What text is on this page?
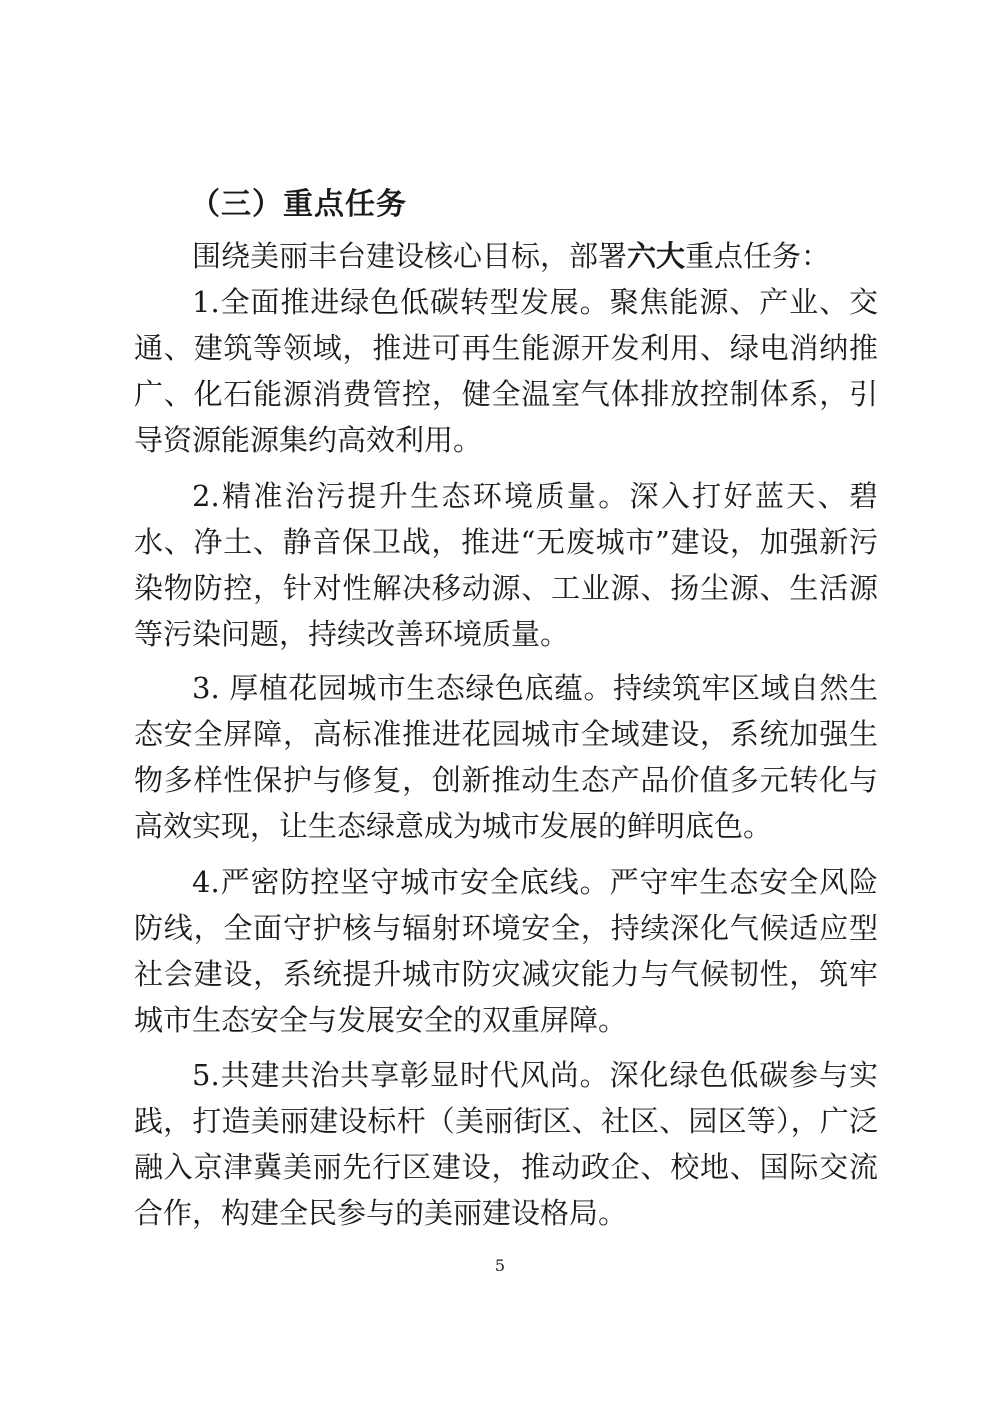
（三）重点任务

围绕美丽丰台建设核心目标，部署六大重点任务：

1.全面推进绿色低碳转型发展。聚焦能源、产业、交通、建筑等领域，推进可再生能源开发利用、绿电消纳推广、化石能源消费管控，健全温室气体排放控制体系，引导资源能源集约高效利用。

2.精准治污提升生态环境质量。深入打好蓝天、碧水、净土、静音保卫战，推进“无废城市”建设，加强新污染物防控，针对性解决移动源、工业源、扬尘源、生活源等污染问题，持续改善环境质量。

3. 厚植花园城市生态绿色底蕴。持续筑牢区域自然生态安全屏障，高标准推进花园城市全域建设，系统加强生物多样性保护与修复，创新推动生态产品价值多元转化与高效实现，让生态绿意成为城市发展的鲜明底色。

4.严密防控坚守城市安全底线。严守牢生态安全风险防线，全面守护核与辐射环境安全，持续深化气候适应型社会建设，系统提升城市防灾减灾能力与气候韧性，筑牢城市生态安全与发展安全的双重屏障。

5.共建共治共享彰显时代风尚。深化绿色低碳参与实践，打造美丽建设标杆（美丽街区、社区、园区等），广泛融入京津冀美丽先行区建设，推动政企、校地、国际交流合作，构建全民参与的美丽建设格局。

5
